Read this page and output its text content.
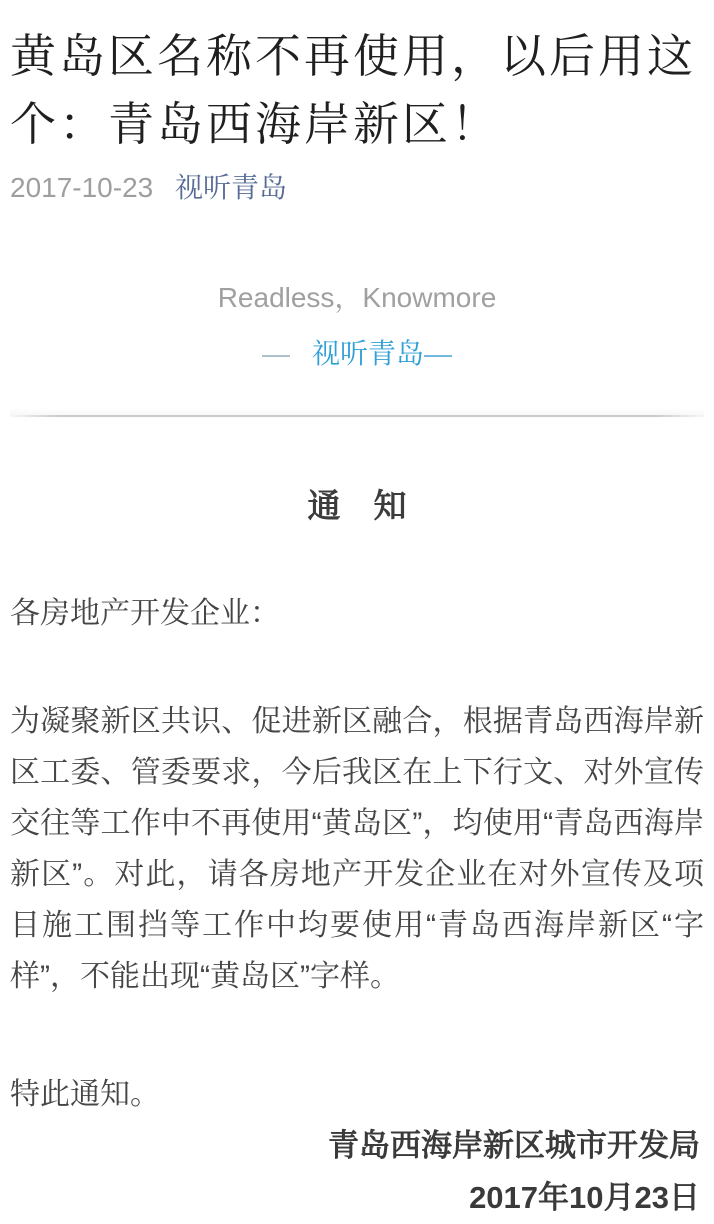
黄岛区名称不再使用，以后用这个：青岛西海岸新区！
2017-10-23 视听青岛
Readless，Knowmore
— 视听青岛—
通　知
各房地产开发企业：
为凝聚新区共识、促进新区融合，根据青岛西海岸新区工委、管委要求，今后我区在上下行文、对外宣传交往等工作中不再使用“黄岛区”，均使用“青岛西海岸新区”。对此，请各房地产开发企业在对外宣传及项目施工围挡等工作中均要使用“青岛西海岸新区“字样”，不能出现“黄岛区”字样。
特此通知。
青岛西海岸新区城市开发局
2017年10月23日
